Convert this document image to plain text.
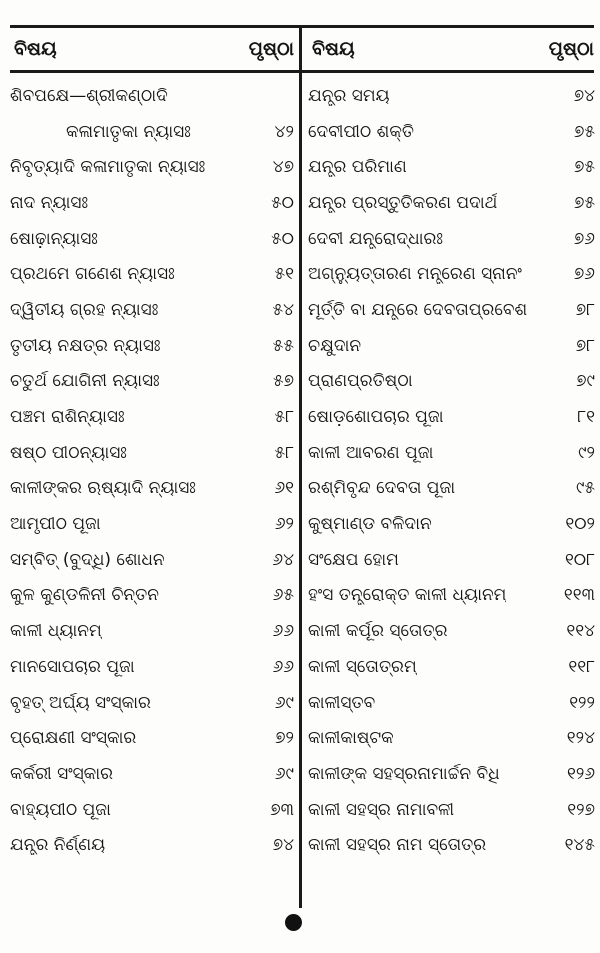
ବିଷୟ	ପୃଷ୍ଠା ବିଷୟ	ପୃଷ୍ଠା
ଶିବପକ୍ଷେ—ଶ୍ରୀକଣ୍ଠାଦି
କଳାମାତୃକା ନ୍ୟାସଃ	୪୨
ନିବୃତ୍ୟାଦି କଳାମାତୃକା ନ୍ୟାସଃ	୪୭
ନାଦ ନ୍ୟାସଃ	୫୦
ଷୋଢ଼ାନ୍ୟାସଃ	୫୦
ପ୍ରଥମେ ଗଣେଶ ନ୍ୟାସଃ	୫୧
ଦ୍ୱିତୀୟ ଗ୍ରହ ନ୍ୟାସଃ	୫୪
ତୃତୀୟ ନକ୍ଷତ୍ର ନ୍ୟାସଃ	୫୫
ଚତୁର୍ଥ ଯୋଗିନୀ ନ୍ୟାସଃ	୫୭
ପଞ୍ଚମ ରାଶିନ୍ୟାସଃ	୫୮
ଷଷ୍ଠ ପୀଠନ୍ୟାସଃ	୫୮
କାଳୀଙ୍କର ଋଷ୍ୟାଦି ନ୍ୟାସଃ	୬୧
ଆମୃପୀଠ ପୂଜା	୬୨
ସମ୍ବିତ୍ (ବୁଦ୍ଧି) ଶୋଧନ	୬୪
କୁଳ କୁଣ୍ଡଳିନୀ ଚିନ୍ତନ	୬୫
କାଳୀ ଧ୍ୟାନମ୍	୬୬
ମାନସୋପଚାର ପୂଜା	୬୬
ବୃହତ୍ ଅର୍ଘ୍ୟ ସଂସ୍କାର	୬୯
ପ୍ରୋକ୍ଷଣୀ ସଂସ୍କାର	୭୨
କର୍କରୀ ସଂସ୍କାର	୬୯
ବାହ୍ୟପୀଠ ପୂଜା	୭୩
ଯନ୍ତ୍ର ନିର୍ଣ୍ଣୟ	୭୪
ଯନ୍ତ୍ର ସମୟ	୭୪
ଦେବୀପୀଠ ଶକ୍ତି	୭୫
ଯନ୍ତ୍ର ପରିମାଣ	୭୫
ଯନ୍ତ୍ର ପ୍ରସ୍ତୁତିକରଣ ପଦାର୍ଥ	୭୫
ଦେବୀ ଯନ୍ତ୍ରୋଦ୍ଧାରଃ	୭୬
ଅଗ୍ନ୍ୟୁତ୍ତାରଣ ମନ୍ତ୍ରେଣ ସ୍ନାନଂ	୭୬
ମୂର୍ତ୍ତି ବା ଯନ୍ତ୍ରେ ଦେବତାପ୍ରବେଶ	୭୮
ଚକ୍ଷୁଦାନ	୭୮
ପ୍ରାଣପ୍ରତିଷ୍ଠା	୭୯
ଷୋଡ଼ଶୋପଚାର ପୂଜା	୮୧
କାଳୀ ଆବରଣ ପୂଜା	୯୨
ରଶ୍ମିବୃନ୍ଦ ଦେବତା ପୂଜା	୯୫
କୁଷ୍ମାଣ୍ଡ ବଳିଦାନ	୧୦୨
ସଂକ୍ଷେପ ହୋମ	୧୦୮
ହଂସ ତନ୍ତ୍ରୋକ୍ତ କାଳୀ ଧ୍ୟାନମ୍	୧୧୩
କାଳୀ କର୍ପୂର ସ୍ତୋତ୍ର	୧୧୪
କାଳୀ ସ୍ତୋତ୍ରମ୍	୧୧୮
କାଳୀସ୍ତବ	୧୨୨
କାଳୀକାଷ୍ଟକ	୧୨୪
କାଳୀଙ୍କ ସହସ୍ରନାମାର୍ଚ୍ଚନ ବିଧି	୧୨୬
କାଳୀ ସହସ୍ର ନାମାବଳୀ	୧୨୭
କାଳୀ ସହସ୍ର ନାମ ସ୍ତୋତ୍ର	୧୪୫
